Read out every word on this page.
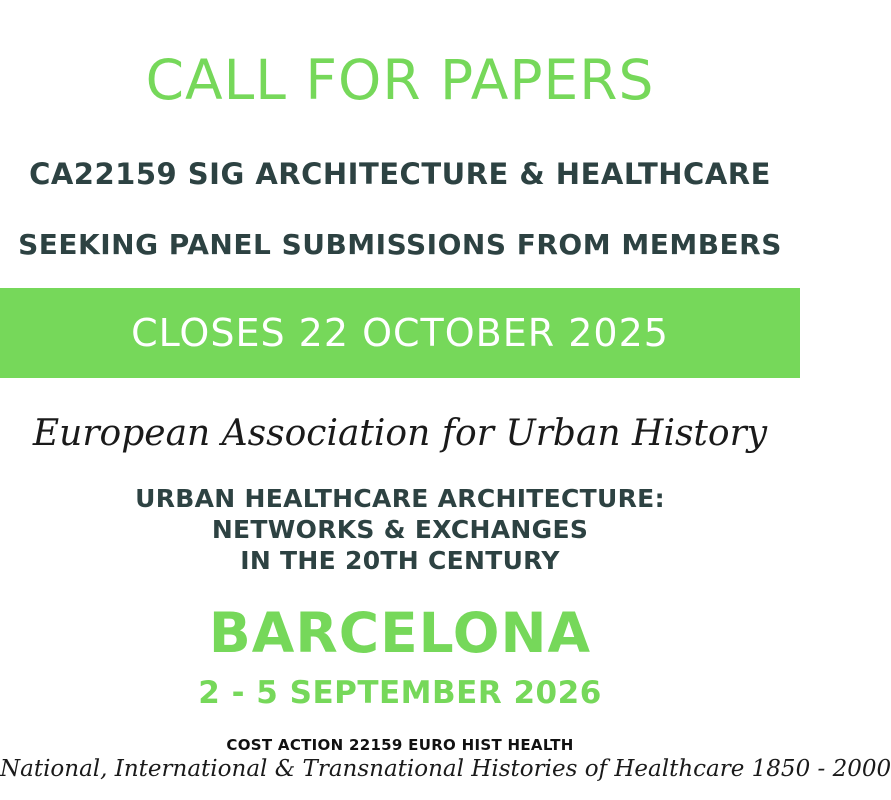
CALL FOR PAPERS

CA22159 SIG ARCHITECTURE & HEALTHCARE

SEEKING PANEL SUBMISSIONS FROM MEMBERS

CLOSES 22 OCTOBER 2025

European Association for Urban History

URBAN HEALTHCARE ARCHITECTURE:

NETWORKS & EXCHANGES

IN THE 20TH CENTURY

BARCELONA

2 - 5 SEPTEMBER 2026

COST ACTION 22159 EURO HIST HEALTH

National, International & Transnational Histories of Healthcare 1850 - 2000
